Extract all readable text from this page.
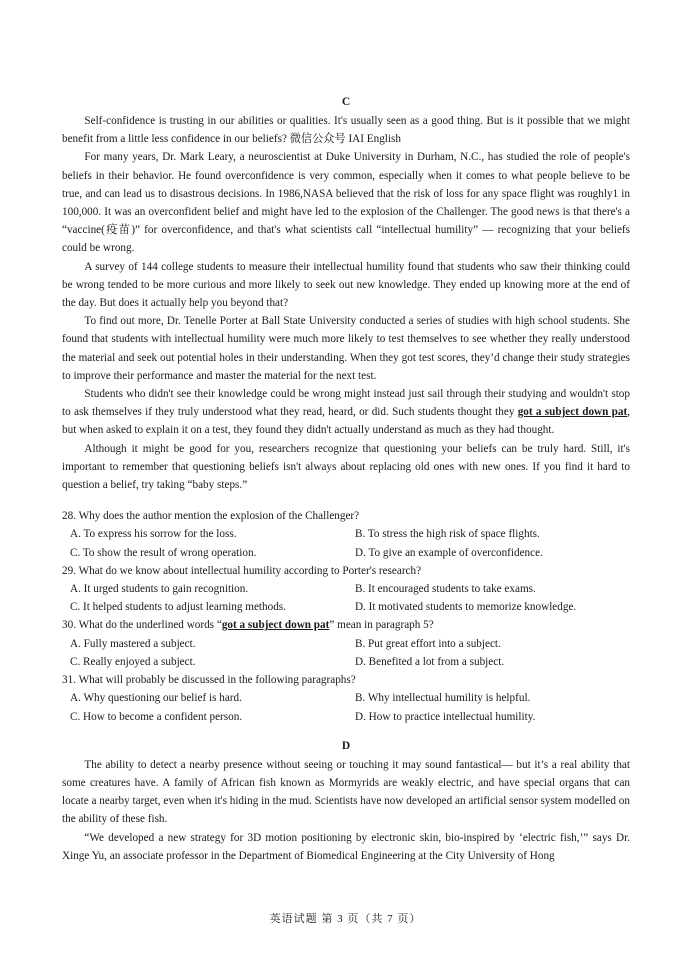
C

Self-confidence is trusting in our abilities or qualities. It's usually seen as a good thing. But is it possible that we might benefit from a little less confidence in our beliefs? 微信公众号 IAI English

For many years, Dr. Mark Leary, a neuroscientist at Duke University in Durham, N.C., has studied the role of people's beliefs in their behavior. He found overconfidence is very common, especially when it comes to what people believe to be true, and can lead us to disastrous decisions. In 1986,NASA believed that the risk of loss for any space flight was roughly1 in 100,000. It was an overconfident belief and might have led to the explosion of the Challenger. The good news is that there's a “vaccine(疫苗)” for overconfidence, and that's what scientists call “intellectual humility” — recognizing that your beliefs could be wrong.

A survey of 144 college students to measure their intellectual humility found that students who saw their thinking could be wrong tended to be more curious and more likely to seek out new knowledge. They ended up knowing more at the end of the day. But does it actually help you beyond that?

To find out more, Dr. Tenelle Porter at Ball State University conducted a series of studies with high school students. She found that students with intellectual humility were much more likely to test themselves to see whether they really understood the material and seek out potential holes in their understanding. When they got test scores, they’d change their study strategies to improve their performance and master the material for the next test.

Students who didn't see their knowledge could be wrong might instead just sail through their studying and wouldn't stop to ask themselves if they truly understood what they read, heard, or did. Such students thought they got a subject down pat, but when asked to explain it on a test, they found they didn't actually understand as much as they had thought.

Although it might be good for you, researchers recognize that questioning your beliefs can be truly hard. Still, it's important to remember that questioning beliefs isn't always about replacing old ones with new ones. If you find it hard to question a belief, try taking “baby steps.”

28. Why does the author mention the explosion of the Challenger?

A. To express his sorrow for the loss.	B. To stress the high risk of space flights.
C. To show the result of wrong operation.	D. To give an example of overconfidence.

29. What do we know about intellectual humility according to Porter's research?

A. It urged students to gain recognition.	B. It encouraged students to take exams.
C. It helped students to adjust learning methods.	D. It motivated students to memorize knowledge.

30. What do the underlined words “got a subject down pat” mean in paragraph 5?

A. Fully mastered a subject.	B. Put great effort into a subject.
C. Really enjoyed a subject.	D. Benefited a lot from a subject.

31. What will probably be discussed in the following paragraphs?

A. Why questioning our belief is hard.	B. Why intellectual humility is helpful.
C. How to become a confident person.	D. How to practice intellectual humility.
D

The ability to detect a nearby presence without seeing or touching it may sound fantastical— but it’s a real ability that some creatures have. A family of African fish known as Mormyrids are weakly electric, and have special organs that can locate a nearby target, even when it's hiding in the mud. Scientists have now developed an artificial sensor system modelled on the ability of these fish.

“We developed a new strategy for 3D motion positioning by electronic skin, bio-inspired by ‘electric fish,’” says Dr. Xinge Yu, an associate professor in the Department of Biomedical Engineering at the City University of Hong

英语试题 第 3 页（共 7 页）
